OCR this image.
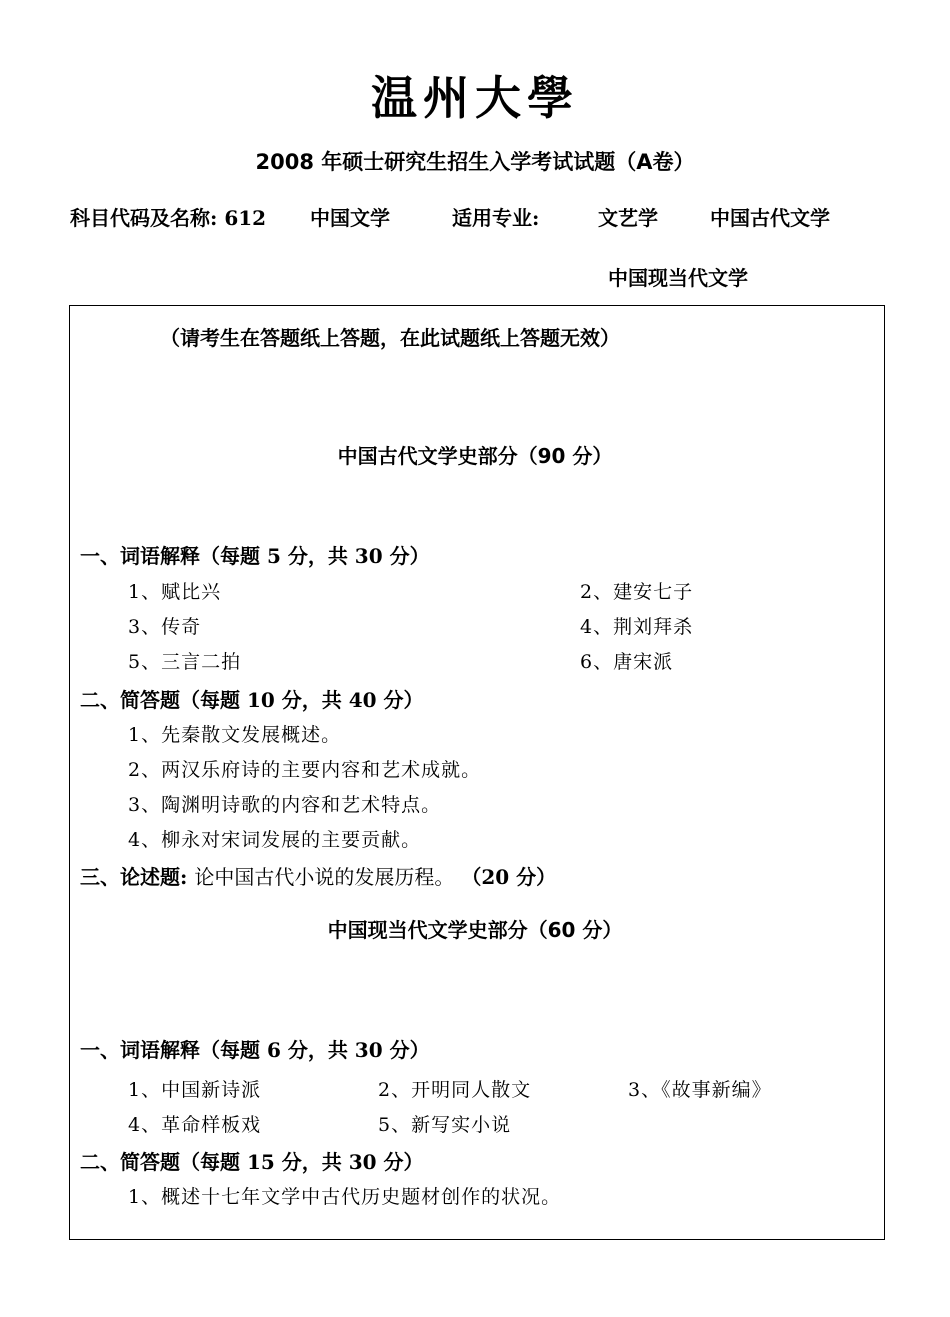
温州大學
2008 年硕士研究生招生入学考试试题（A卷）
科目代码及名称: 612 中国文学	适用专业:	文艺学	中国古代文学
中国现当代文学
（请考生在答题纸上答题，在此试题纸上答题无效）
中国古代文学史部分（90 分）
一、词语解释（每题 5 分，共 30 分）
1、赋比兴	2、建安七子
3、传奇	4、荆刘拜杀
5、三言二拍	6、唐宋派
二、简答题（每题 10 分，共 40 分）
1、先秦散文发展概述。
2、两汉乐府诗的主要内容和艺术成就。
3、陶渊明诗歌的内容和艺术特点。
4、柳永对宋词发展的主要贡献。
三、论述题: 论中国古代小说的发展历程。 （20 分）
中国现当代文学史部分（60 分）
一、词语解释（每题 6 分，共 30 分）
1、中国新诗派	2、开明同人散文	3、《故事新编》
4、革命样板戏	5、新写实小说
二、简答题（每题 15 分，共 30 分）
1、概述十七年文学中古代历史题材创作的状况。
